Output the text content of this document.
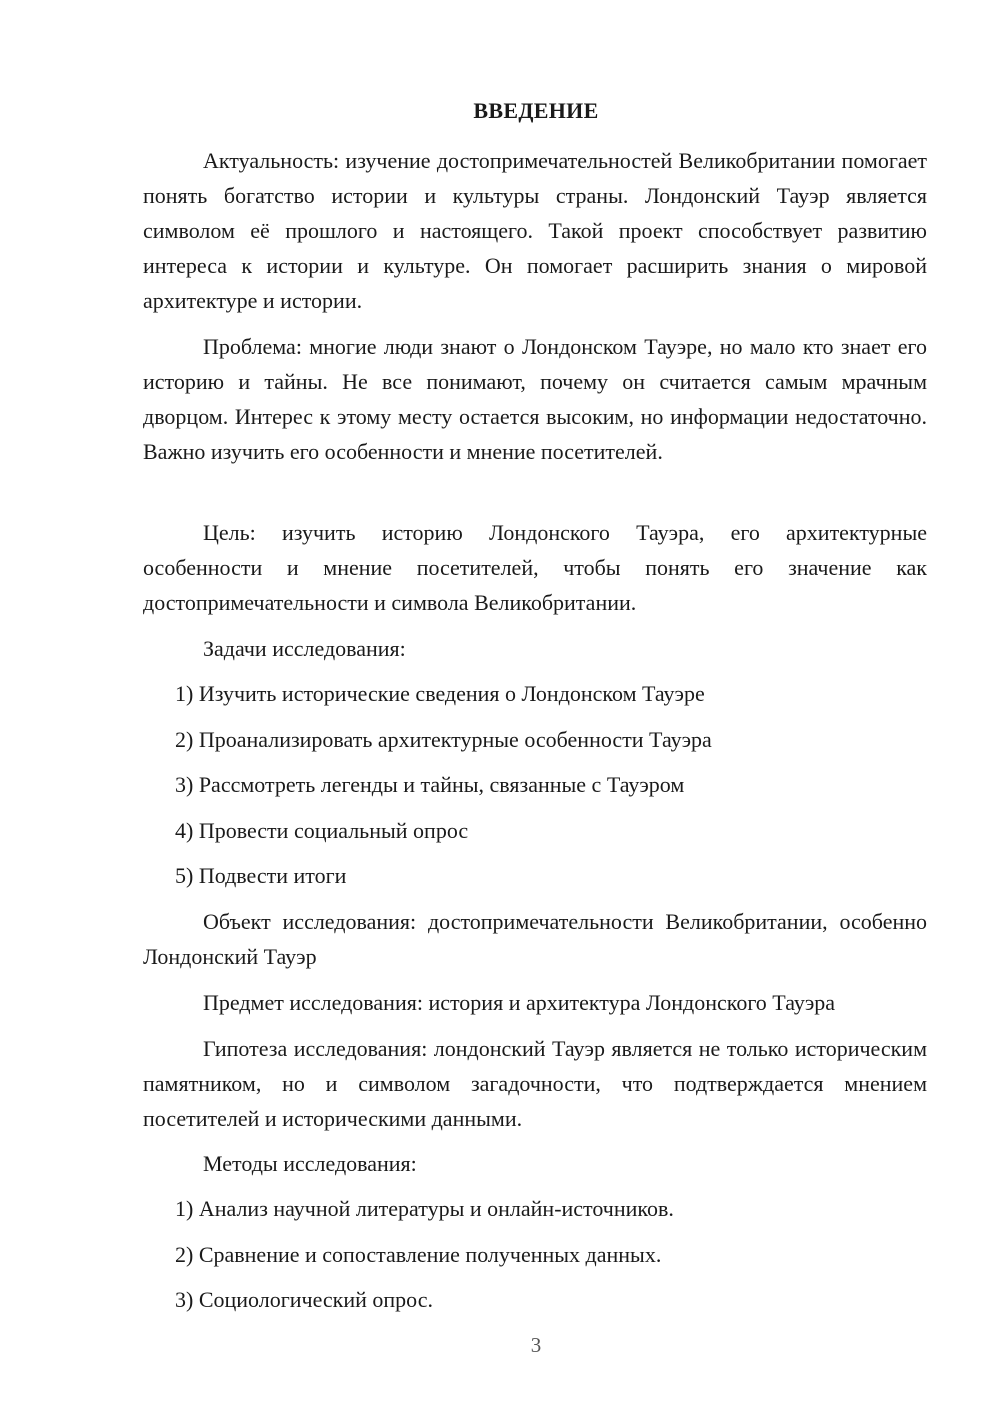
ВВЕДЕНИЕ

Актуальность: изучение достопримечательностей Великобритании помогает понять богатство истории и культуры страны. Лондонский Тауэр является символом её прошлого и настоящего. Такой проект способствует развитию интереса к истории и культуре. Он помогает расширить знания о мировой архитектуре и истории.

Проблема: многие люди знают о Лондонском Тауэре, но мало кто знает его историю и тайны. Не все понимают, почему он считается самым мрачным дворцом. Интерес к этому месту остается высоким, но информации недостаточно. Важно изучить его особенности и мнение посетителей.

Цель: изучить историю Лондонского Тауэра, его архитектурные особенности и мнение посетителей, чтобы понять его значение как достопримечательности и символа Великобритании.

Задачи исследования:

1) Изучить исторические сведения о Лондонском Тауэре

2) Проанализировать архитектурные особенности Тауэра

3) Рассмотреть легенды и тайны, связанные с Тауэром

4) Провести социальный опрос

5) Подвести итоги

Объект исследования: достопримечательности Великобритании, особенно Лондонский Тауэр

Предмет исследования: история и архитектура Лондонского Тауэра

Гипотеза исследования: лондонский Тауэр является не только историческим памятником, но и символом загадочности, что подтверждается мнением посетителей и историческими данными.

Методы исследования:

1) Анализ научной литературы и онлайн-источников.

2) Сравнение и сопоставление полученных данных.

3) Социологический опрос.

3
